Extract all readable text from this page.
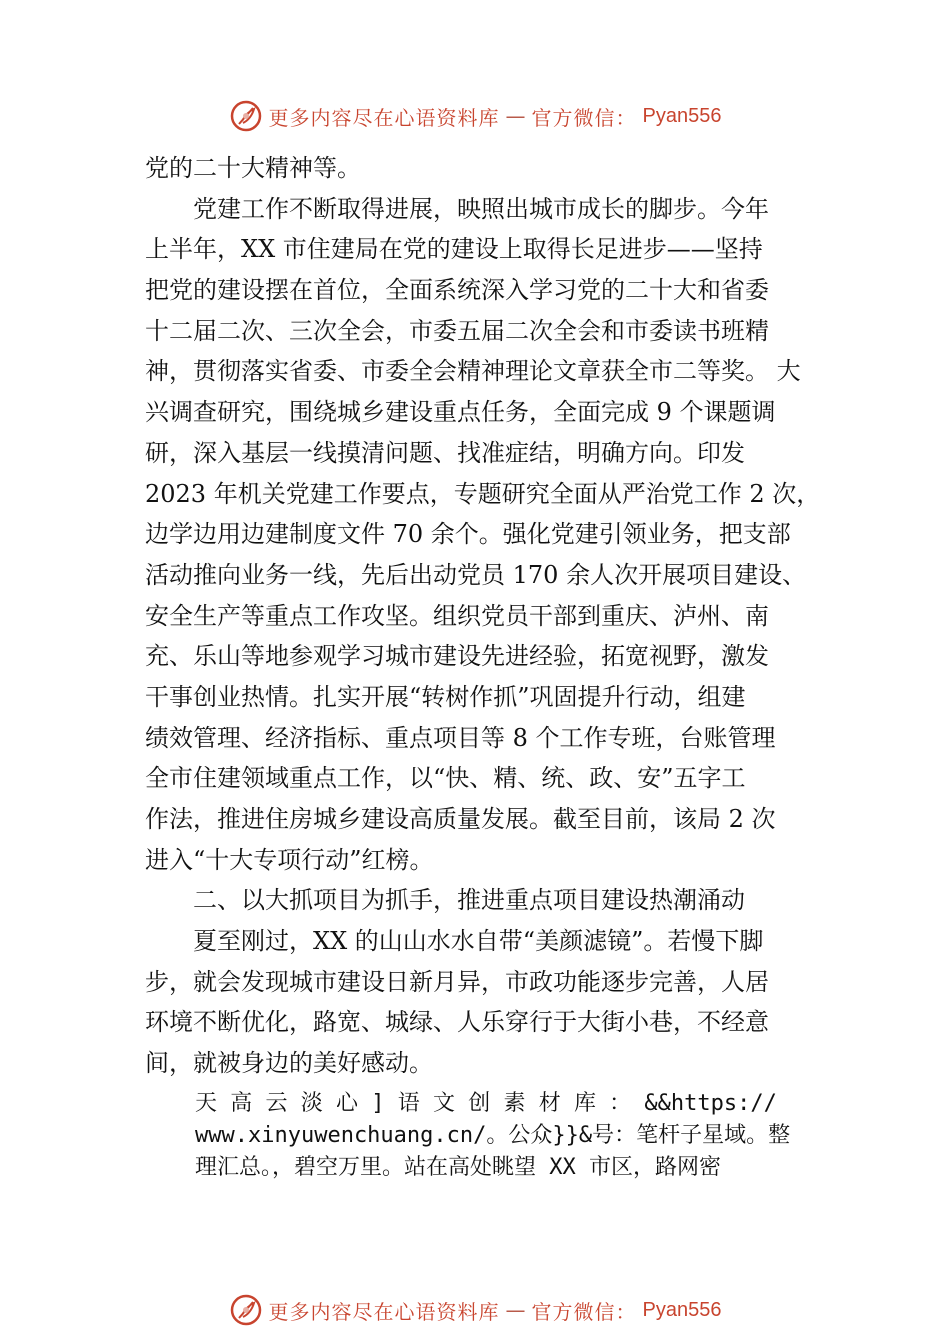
更多内容尽在心语资料库 — 官方微信： Pyan556
党的二十大精神等。
党建工作不断取得进展，映照出城市成长的脚步。今年
上半年，XX 市住建局在党的建设上取得长足进步——坚持
把党的建设摆在首位，全面系统深入学习党的二十大和省委
十二届二次、三次全会，市委五届二次全会和市委读书班精
神，贯彻落实省委、市委全会精神理论文章获全市二等奖。 大
兴调查研究，围绕城乡建设重点任务，全面完成 9 个课题调
研，深入基层一线摸清问题、找准症结，明确方向。印发
2023 年机关党建工作要点，专题研究全面从严治党工作 2 次，
边学边用边建制度文件 70 余个。强化党建引领业务，把支部
活动推向业务一线，先后出动党员 170 余人次开展项目建设、
安全生产等重点工作攻坚。组织党员干部到重庆、泸州、南
充、乐山等地参观学习城市建设先进经验，拓宽视野，激发
干事创业热情。扎实开展“转树作抓”巩固提升行动，组建
绩效管理、经济指标、重点项目等 8 个工作专班，台账管理
全市住建领域重点工作，以“快、精、统、政、安”五字工
作法，推进住房城乡建设高质量发展。截至目前，该局 2 次
进入“十大专项行动”红榜。
二、以大抓项目为抓手，推进重点项目建设热潮涌动
夏至刚过，XX 的山山水水自带“美颜滤镜”。若慢下脚
步，就会发现城市建设日新月异，市政功能逐步完善，人居
环境不断优化，路宽、城绿、人乐穿行于大街小巷，不经意
间，就被身边的美好感动。
天 高 云 淡 心 ] 语 文 创 素 材 库 ： &&https://
www.xinyuwenchuang.cn/。公众}}&号：笔杆子星域。整
理汇总。，碧空万里。站在高处眺望 XX 市区，路网密
更多内容尽在心语资料库 — 官方微信： Pyan556
